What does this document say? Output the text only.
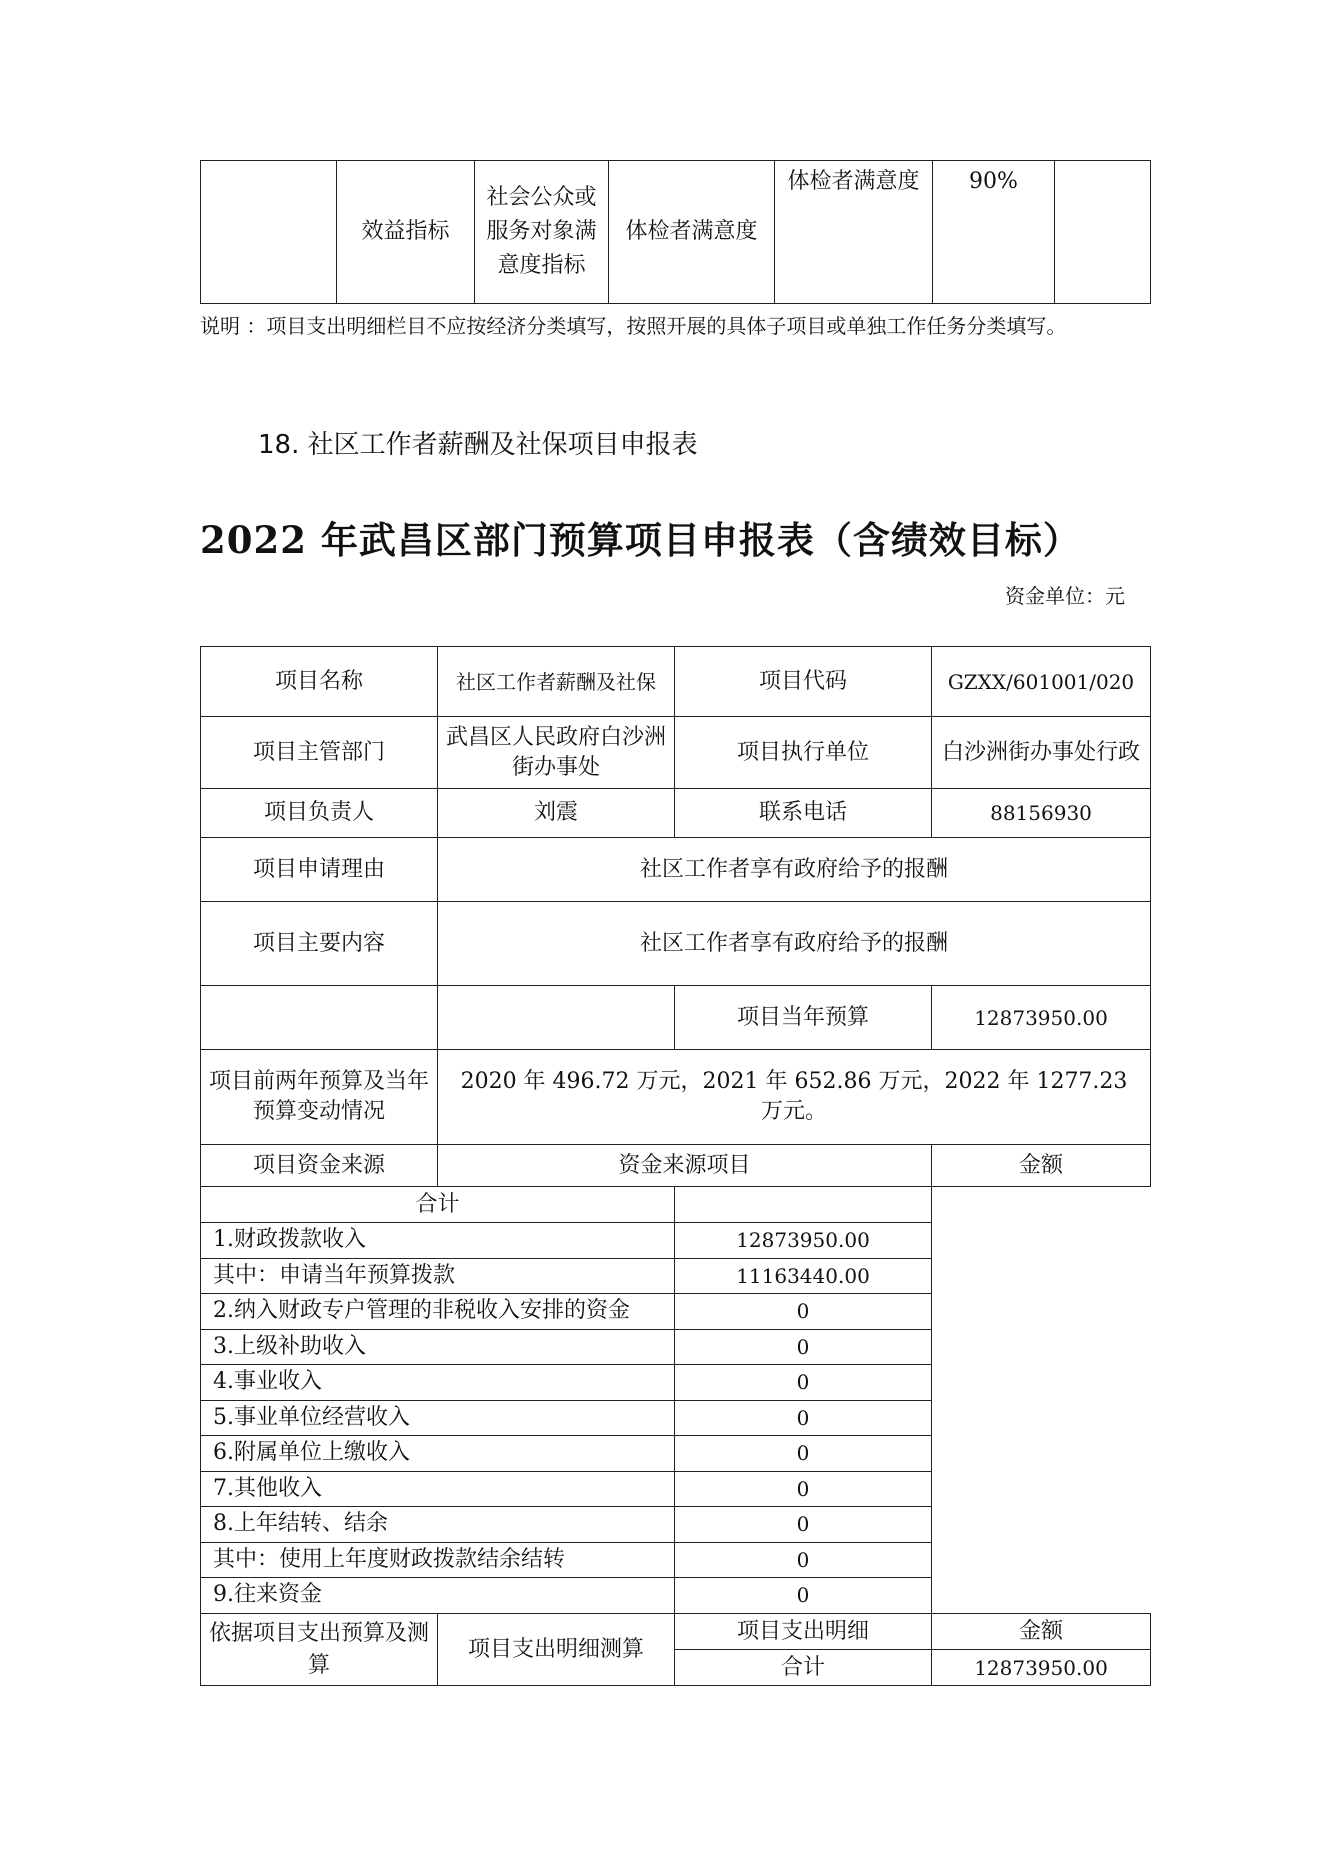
	效益指标	社会公众或服务对象满意度指标	体检者满意度	体检者满意度	90%	
说明 ：项目支出明细栏目不应按经济分类填写，按照开展的具体子项目或单独工作任务分类填写。
18. 社区工作者薪酬及社保项目申报表
2022 年武昌区部门预算项目申报表（含绩效目标）
资金单位：元
项目名称	社区工作者薪酬及社保	项目代码	GZXX/601001/020
项目主管部门	武昌区人民政府白沙洲街办事处	项目执行单位	白沙洲街办事处行政
项目负责人	刘震	联系电话	88156930
项目申请理由	社区工作者享有政府给予的报酬		
项目主要内容	社区工作者享有政府给予的报酬		
		项目当年预算	12873950.00
项目前两年预算及当年预算变动情况	2020 年 496.72 万元，2021 年 652.86 万元，2022 年 1277.23 万元。		
项目资金来源	资金来源项目		金额
合计			
1.财政拨款收入		12873950.00	
其中：申请当年预算拨款		11163440.00	
2.纳入财政专户管理的非税收入安排的资金		0	
3.上级补助收入		0	
4.事业收入		0	
5.事业单位经营收入		0	
6.附属单位上缴收入		0	
7.其他收入		0	
8.上年结转、结余		0	
其中：使用上年度财政拨款结余结转		0	
9.往来资金		0	
依据项目支出预算及测算	项目支出明细测算	项目支出明细	金额
		合计	12873950.00
